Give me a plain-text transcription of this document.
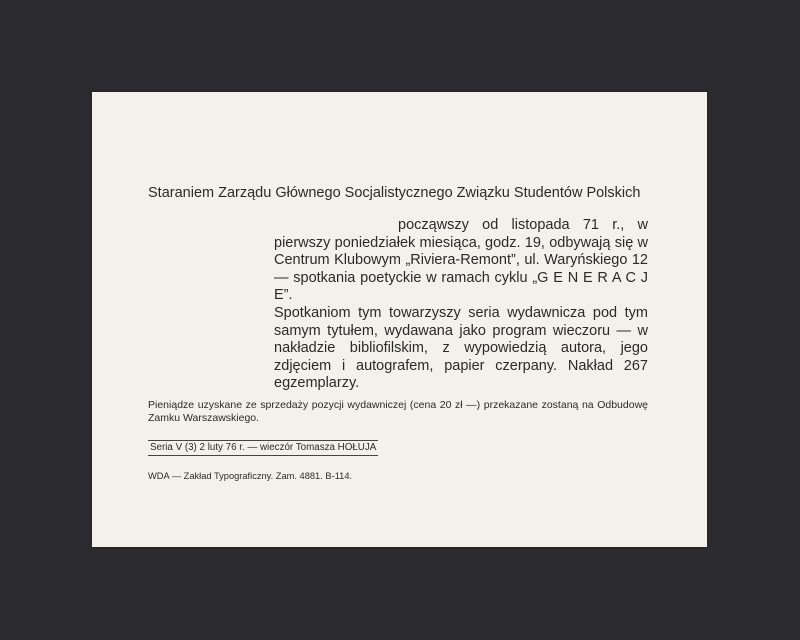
Staraniem Zarządu Głównego Socjalistycznego Związku Studentów Polskich

począwszy od listopada 71 r., w pierwszy poniedziałek miesiąca, godz. 19, odbywają się w Centrum Klubowym „Riviera-Remont”, ul. Waryńskiego 12 — spotkania poetyckie w ramach cyklu „G E N E R A C J E”.

Spotkaniom tym towarzyszy seria wydawnicza pod tym samym tytułem, wydawana jako program wieczoru — w nakładzie bibliofilskim, z wypowiedzią autora, jego zdjęciem i autografem, papier czerpany. Nakład 267 egzemplarzy.

Pieniądze uzyskane ze sprzedaży pozycji wydawniczej (cena 20 zł —) przekazane zostaną na Odbudowę Zamku Warszawskiego.
Seria V (3) 2 luty 76 r. — wieczór Tomasza HOŁUJA
WDA — Zakład Typograficzny. Zam. 4881. B-114.
